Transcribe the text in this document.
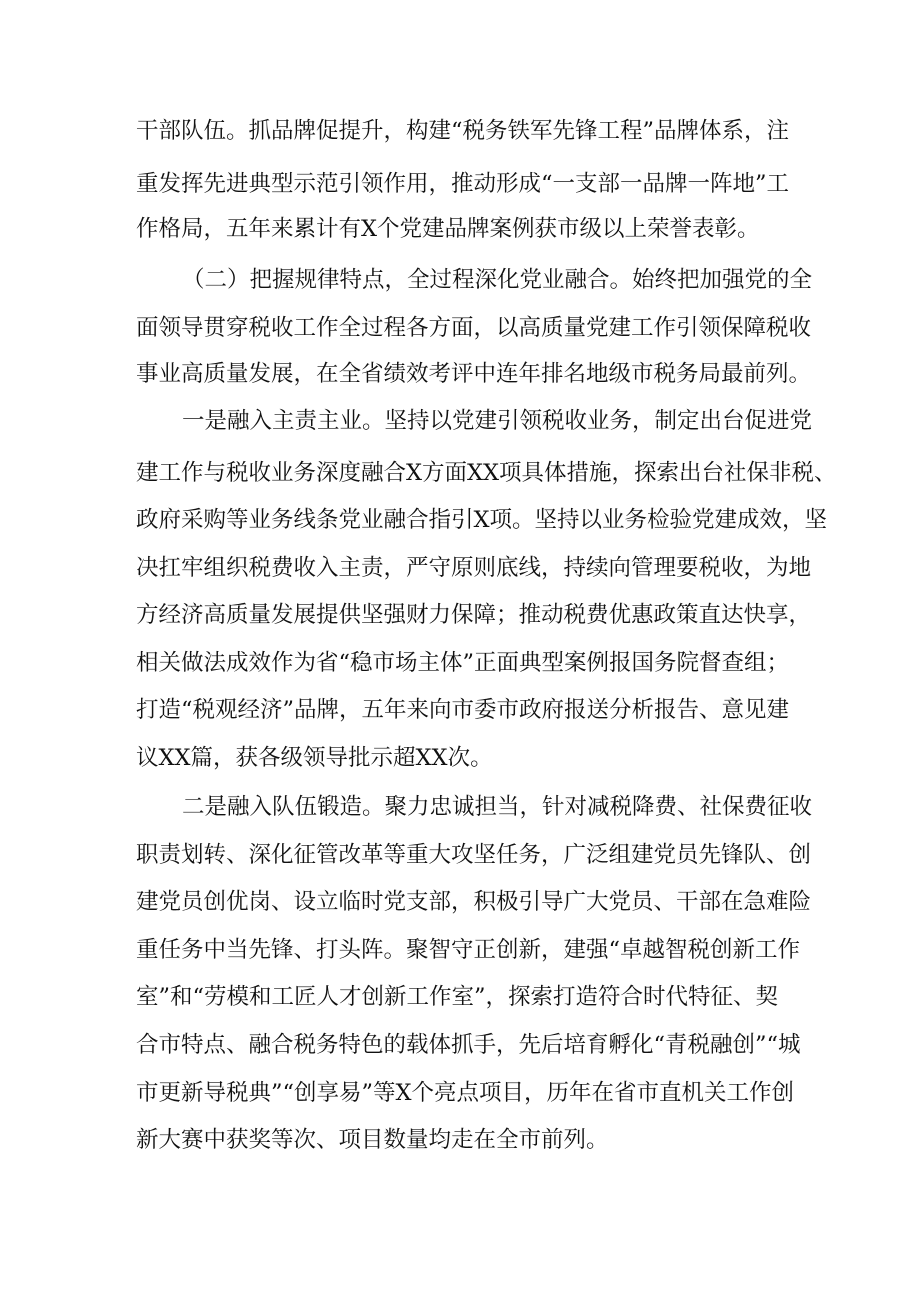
干部队伍。抓品牌促提升，构建“税务铁军先锋工程”品牌体系，注
重发挥先进典型示范引领作用，推动形成“一支部一品牌一阵地”工
作格局，五年来累计有X个党建品牌案例获市级以上荣誉表彰。
（二）把握规律特点，全过程深化党业融合。始终把加强党的全
面领导贯穿税收工作全过程各方面，以高质量党建工作引领保障税收
事业高质量发展，在全省绩效考评中连年排名地级市税务局最前列。
一是融入主责主业。坚持以党建引领税收业务，制定出台促进党
建工作与税收业务深度融合X方面XX项具体措施，探索出台社保非税、
政府采购等业务线条党业融合指引X项。坚持以业务检验党建成效，坚
决扛牢组织税费收入主责，严守原则底线，持续向管理要税收，为地
方经济高质量发展提供坚强财力保障；推动税费优惠政策直达快享，
相关做法成效作为省“稳市场主体”正面典型案例报国务院督查组；
打造“税观经济”品牌，五年来向市委市政府报送分析报告、意见建
议XX篇，获各级领导批示超XX次。
二是融入队伍锻造。聚力忠诚担当，针对减税降费、社保费征收
职责划转、深化征管改革等重大攻坚任务，广泛组建党员先锋队、创
建党员创优岗、设立临时党支部，积极引导广大党员、干部在急难险
重任务中当先锋、打头阵。聚智守正创新，建强“卓越智税创新工作
室”和“劳模和工匠人才创新工作室”，探索打造符合时代特征、契
合市特点、融合税务特色的载体抓手，先后培育孵化“青税融创”“城
市更新导税典”“创享易”等X个亮点项目，历年在省市直机关工作创
新大赛中获奖等次、项目数量均走在全市前列。
